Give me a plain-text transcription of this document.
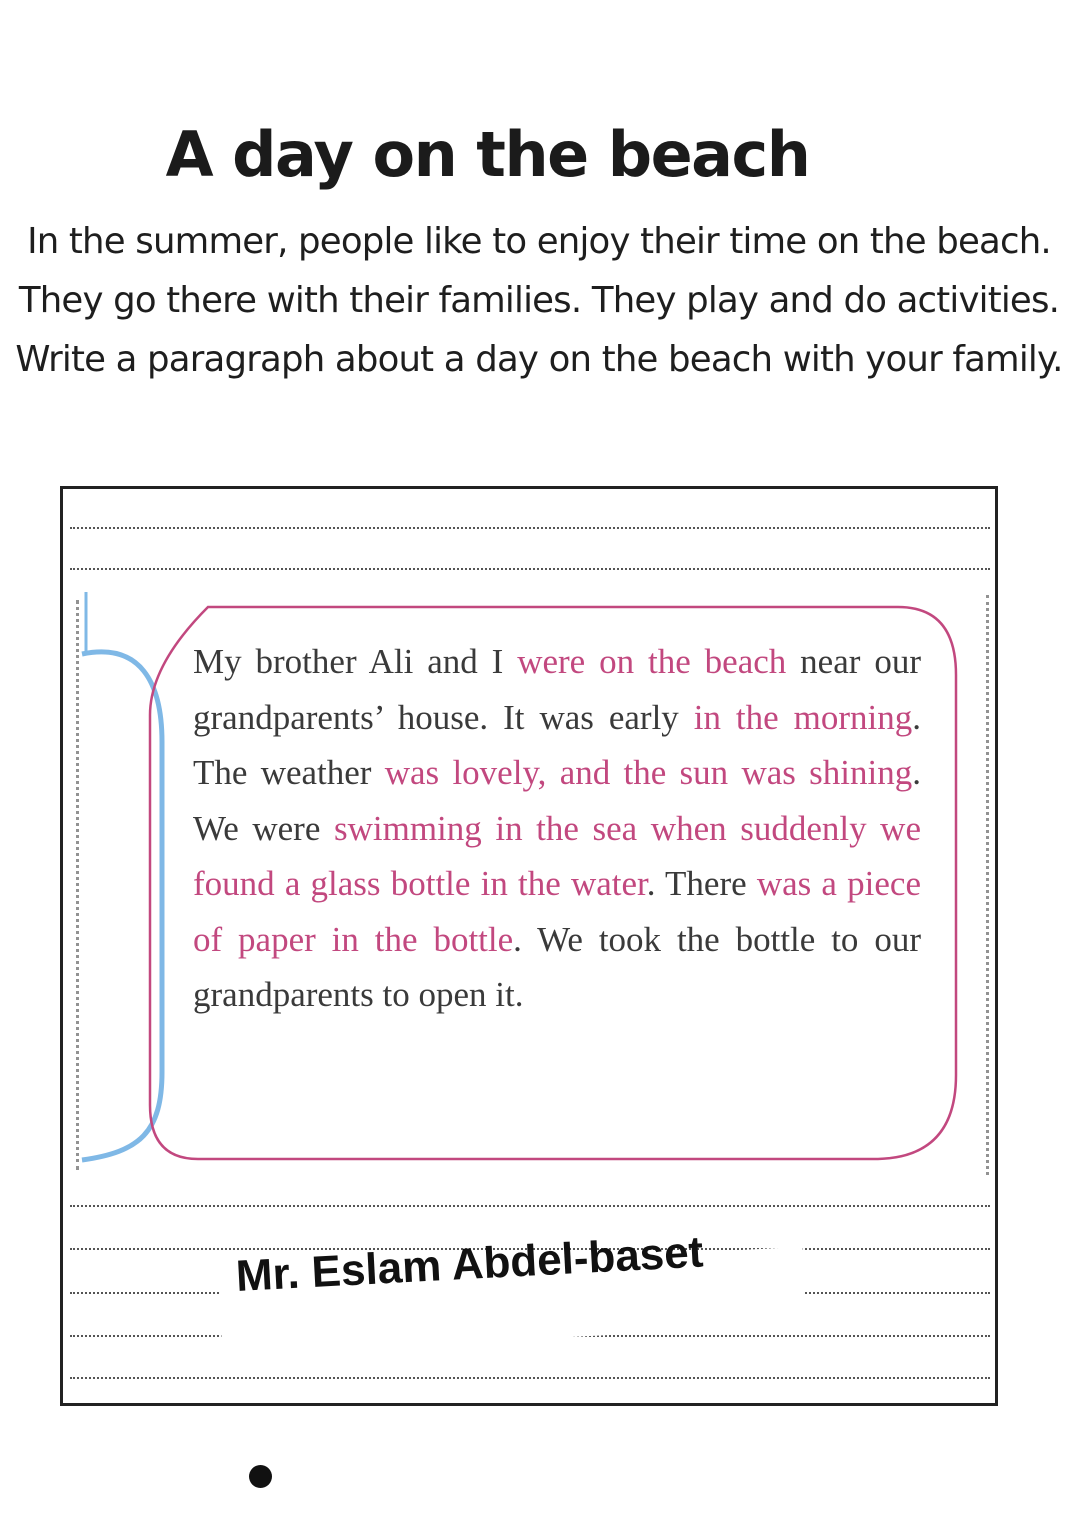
A day on the beach
In the summer, people like to enjoy their time on the beach. They go there with their families. They play and do activities. Write a paragraph about a day on the beach with your family.
My brother Ali and I were on the beach near our grandparents’ house. It was early in the morning. The weather was lovely, and the sun was shining. We were swimming in the sea when suddenly we found a glass bottle in the water. There was a piece of paper in the bottle. We took the bottle to our grandparents to open it.
Mr. Eslam Abdel-baset
